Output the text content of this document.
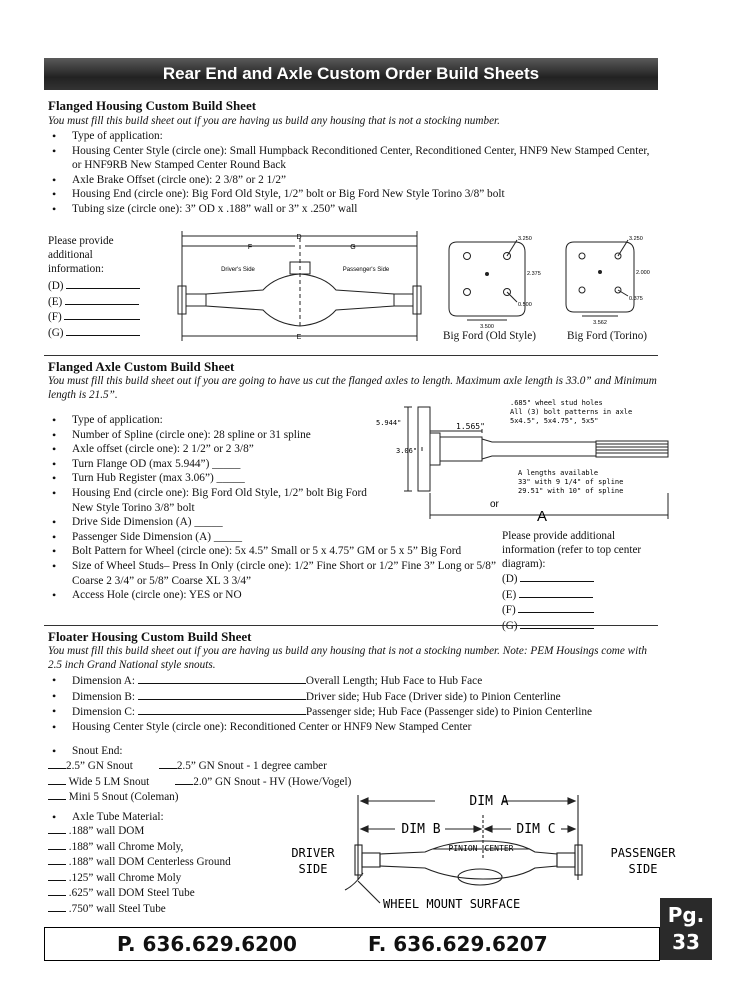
Rear End and Axle Custom Order Build Sheets
Flanged Housing Custom Build Sheet
You must fill this build sheet out if you are having us build any housing that is not a stocking number.
• Type of application:
• Housing Center Style (circle one): Small Humpback Reconditioned Center, Reconditioned Center, HNF9 New Stamped Center, or HNF9RB New Stamped Center Round Back
• Axle Brake Offset (circle one): 2 3/8” or 2 1/2”
• Housing End (circle one): Big Ford Old Style, 1/2” bolt or Big Ford New Style Torino 3/8” bolt
• Tubing size (circle one): 3” OD x .188” wall or 3” x .250” wall
Please provide additional information:
(D)
(E)
(F)
(G)
D
F	G
E
Driver's Side	Passenger's Side
3.250
2.375
0.500
3.500
Big Ford (Old Style)
3.250
2.000
0.375
3.562
Big Ford (Torino)
Flanged Axle Custom Build Sheet
You must fill this build sheet out if you are going to have us cut the flanged axles to length. Maximum axle length is 33.0” and Minimum length is 21.5”.
• Type of application:
• Number of Spline (circle one): 28 spline or 31 spline
• Axle offset (circle one): 2 1/2” or 2 3/8”
• Turn Flange OD (max 5.944”) _____
• Turn Hub Register (max 3.06”) _____
• Housing End (circle one): Big Ford Old Style, 1/2” bolt Big Ford New Style Torino 3/8” bolt
• Drive Side Dimension (A) _____
• Passenger Side Dimension (A) _____
• Bolt Pattern for Wheel (circle one): 5x 4.5” Small or 5 x 4.75” GM or 5 x 5” Big Ford
• Size of Wheel Studs– Press In Only (circle one): 1/2” Fine Short or 1/2” Fine 3” Long or 5/8” Coarse 2 3/4” or 5/8” Coarse XL 3 3/4”
• Access Hole (circle one): YES or NO
5.944"
3.06"
1.565"
.685" wheel stud holes
All (3) bolt patterns in axle
5x4.5", 5x4.75", 5x5"
A lengths available
33" with 9 1/4" of spline
29.51" with 10" of spline
A
or
Please provide additional information (refer to top center diagram):
(D)
(E)
(F)
(G)
Floater Housing Custom Build Sheet
You must fill this build sheet out if you are having us build any housing that is not a stocking number. Note: PEM Housings come with 2.5 inch Grand National style snouts.
• Dimension A:	Overall Length; Hub Face to Hub Face
• Dimension B:	Driver side; Hub Face (Driver side) to Pinion Centerline
• Dimension C:	Passenger side; Hub Face (Passenger side) to Pinion Centerline
• Housing Center Style (circle one): Reconditioned Center or HNF9 New Stamped Center
• Snout End:
2.5” GN Snout	2.5” GN Snout - 1 degree camber
Wide 5 LM Snout	2.0” GN Snout - HV (Howe/Vogel)
Mini 5 Snout (Coleman)
• Axle Tube Material:
.188” wall DOM
.188” wall Chrome Moly,
.188” wall DOM Centerless Ground
.125” wall Chrome Moly
.625” wall DOM Steel Tube
.750” wall Steel Tube
DIM A
DIM B	DIM C
PINION CENTER
DRIVER
SIDE
PASSENGER
SIDE
WHEEL MOUNT SURFACE
P. 636.629.6200	F. 636.629.6207
Pg.
33
